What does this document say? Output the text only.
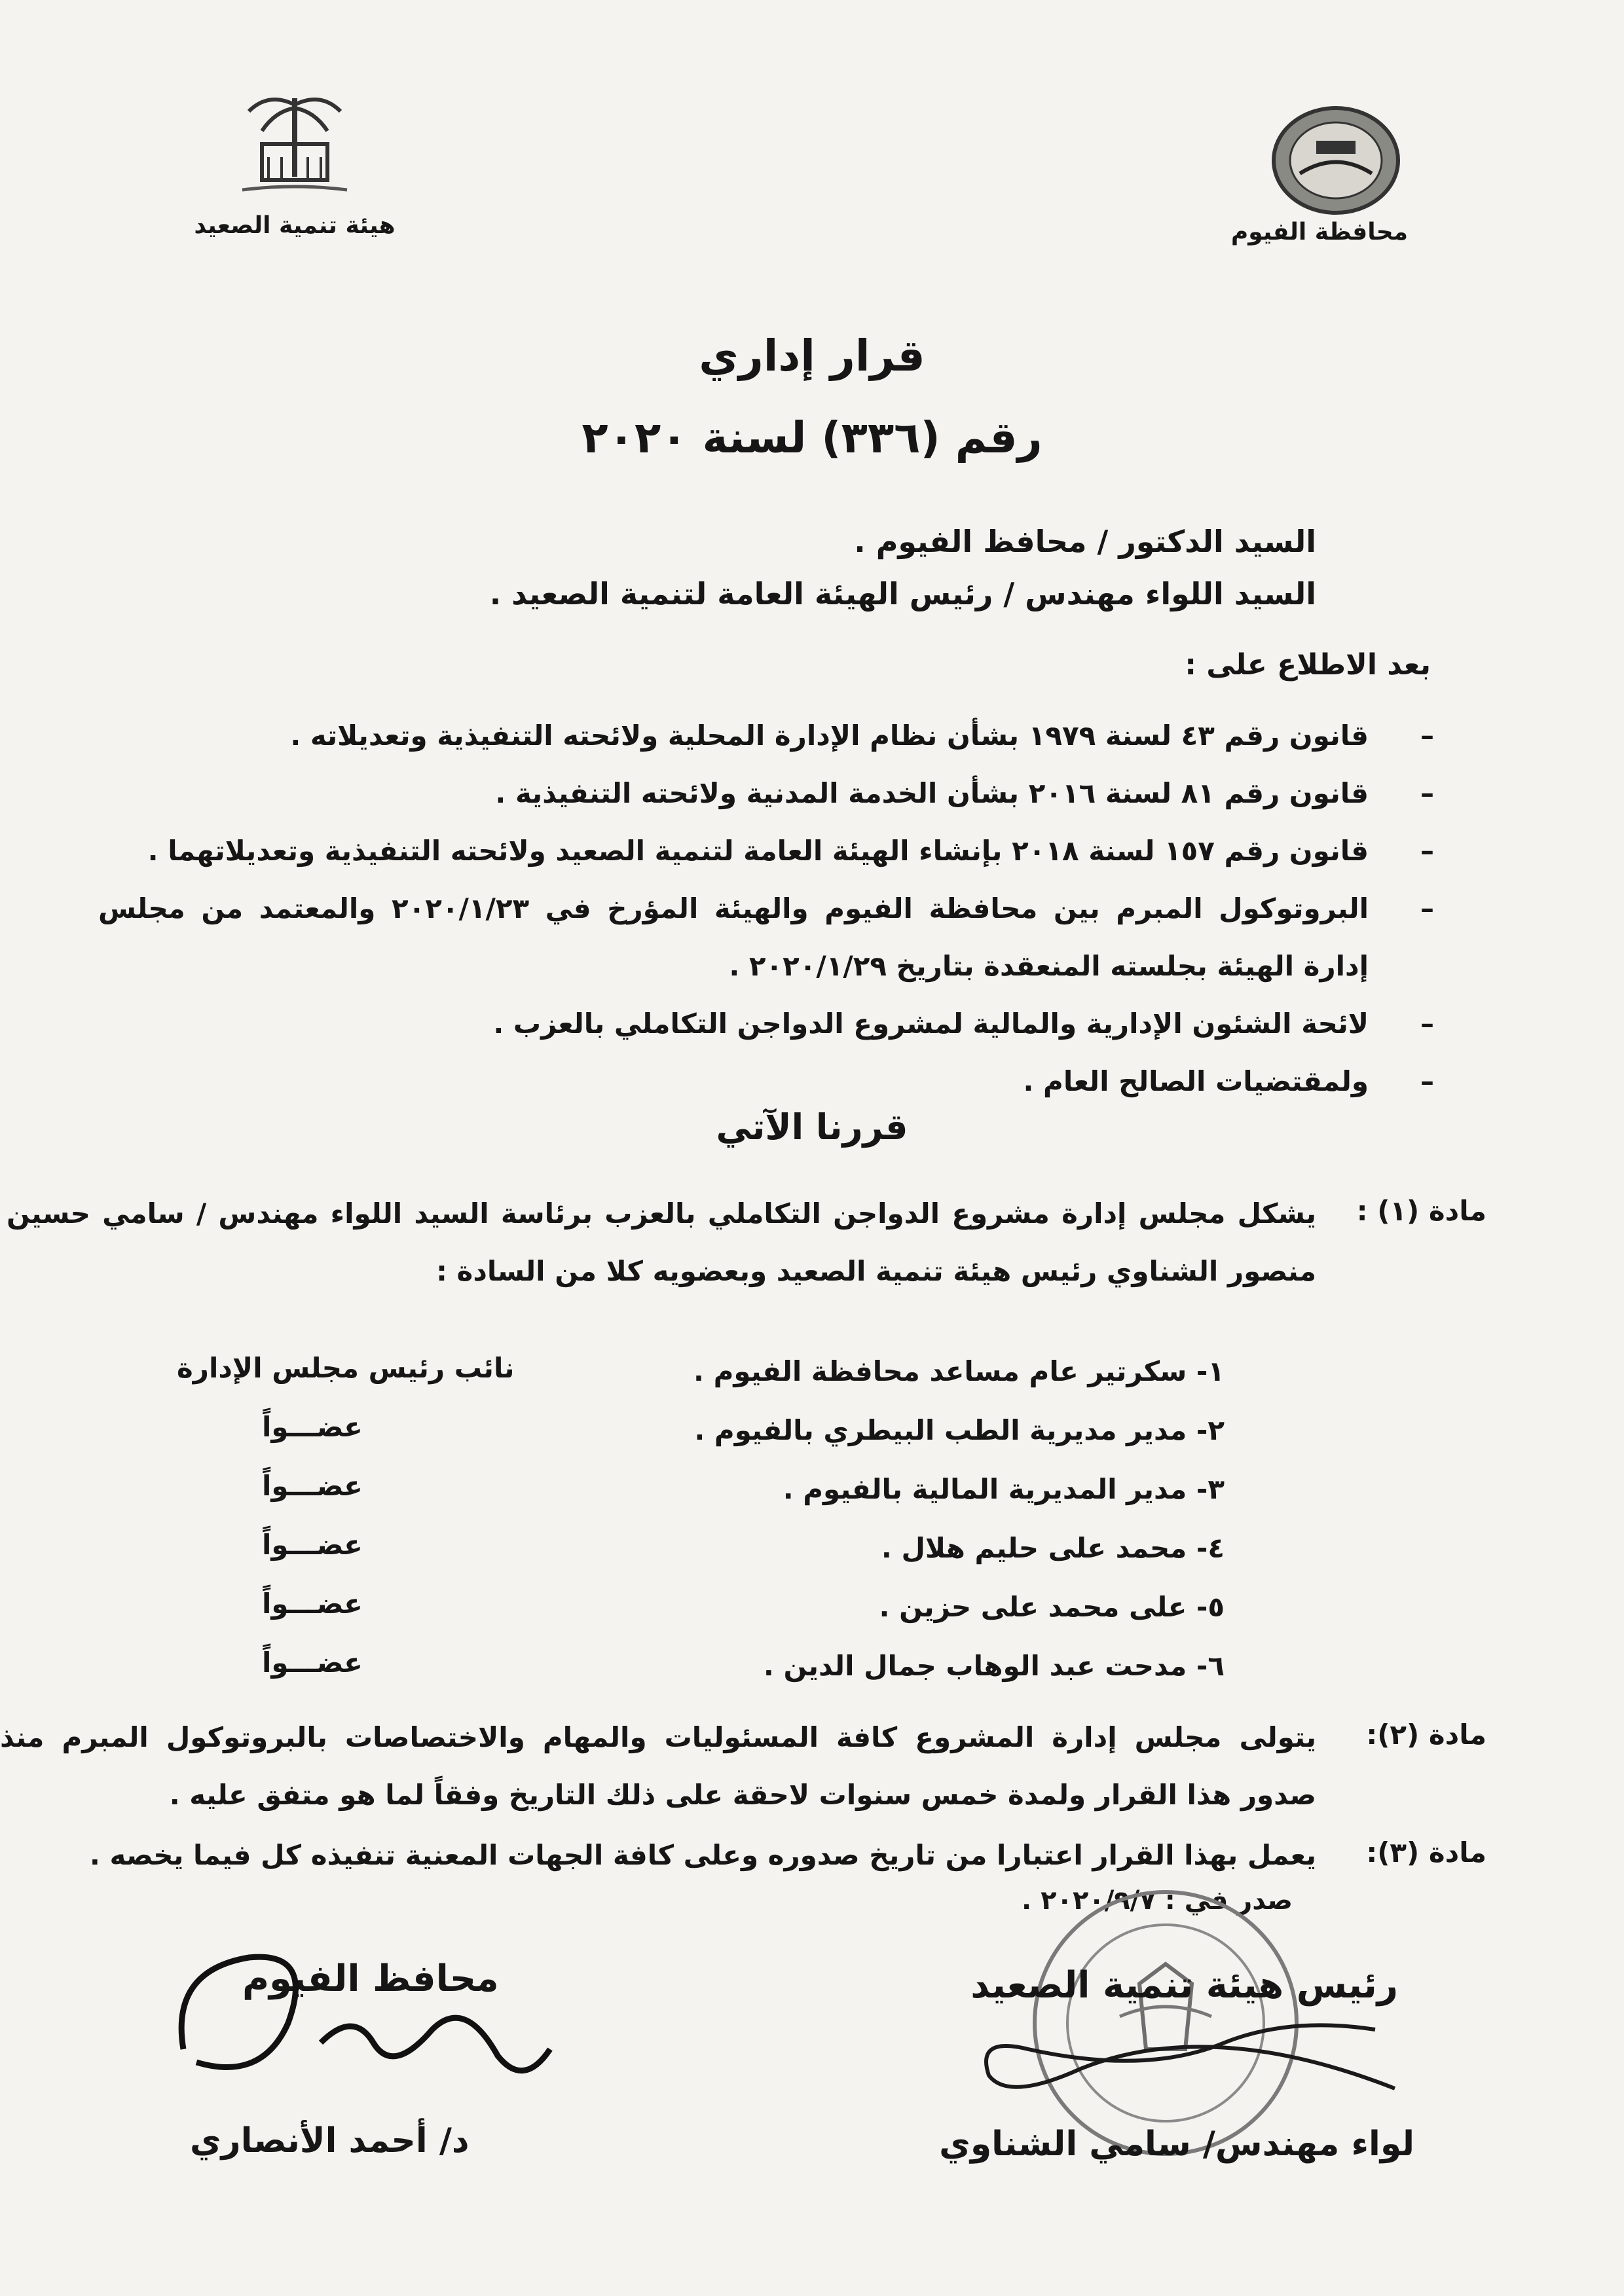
محافظة الفيوم
هيئة تنمية الصعيد
قرار إداري
رقم (٣٣٦) لسنة ٢٠٢٠
السيد الدكتور / محافظ الفيوم .
السيد اللواء مهندس / رئيس الهيئة العامة لتنمية الصعيد .
بعد الاطلاع على :
– قانون رقم ٤٣ لسنة ١٩٧٩ بشأن نظام الإدارة المحلية ولائحته التنفيذية وتعديلاته .
– قانون رقم ٨١ لسنة ٢٠١٦ بشأن الخدمة المدنية ولائحته التنفيذية .
– قانون رقم ١٥٧ لسنة ٢٠١٨ بإنشاء الهيئة العامة لتنمية الصعيد ولائحته التنفيذية وتعديلاتهما .
– البروتوكول المبرم بين محافظة الفيوم والهيئة المؤرخ في ٢٠٢٠/١/٢٣ والمعتمد من مجلس إدارة الهيئة بجلسته المنعقدة بتاريخ ٢٠٢٠/١/٢٩ .
– لائحة الشئون الإدارية والمالية لمشروع الدواجن التكاملي بالعزب .
– ولمقتضيات الصالح العام .
قررنا الآتي
مادة (١) :
يشكل مجلس إدارة مشروع الدواجن التكاملي بالعزب برئاسة السيد اللواء مهندس / سامي حسين منصور الشناوي رئيس هيئة تنمية الصعيد وبعضويه كلا من السادة :
١- سكرتير عام مساعد محافظة الفيوم .
نائب رئيس مجلس الإدارة
٢- مدير مديرية الطب البيطري بالفيوم .
عضـــواً
٣- مدير المديرية المالية بالفيوم .
عضـــواً
٤- محمد على حليم هلال .
عضـــواً
٥- على محمد على حزين .
عضـــواً
٦- مدحت عبد الوهاب جمال الدين .
عضـــواً
مادة (٢):
يتولى مجلس إدارة المشروع كافة المسئوليات والمهام والاختصاصات بالبروتوكول المبرم منذ صدور هذا القرار ولمدة خمس سنوات لاحقة على ذلك التاريخ وفقاً لما هو متفق عليه .
مادة (٣):
يعمل بهذا القرار اعتبارا من تاريخ صدوره وعلى كافة الجهات المعنية تنفيذه كل فيما يخصه .
صدر في : ٢٠٢٠/٩/٧ .
رئيس هيئة تنمية الصعيد
لواء مهندس/ سامي الشناوي
محافظ الفيوم
د/ أحمد الأنصاري
